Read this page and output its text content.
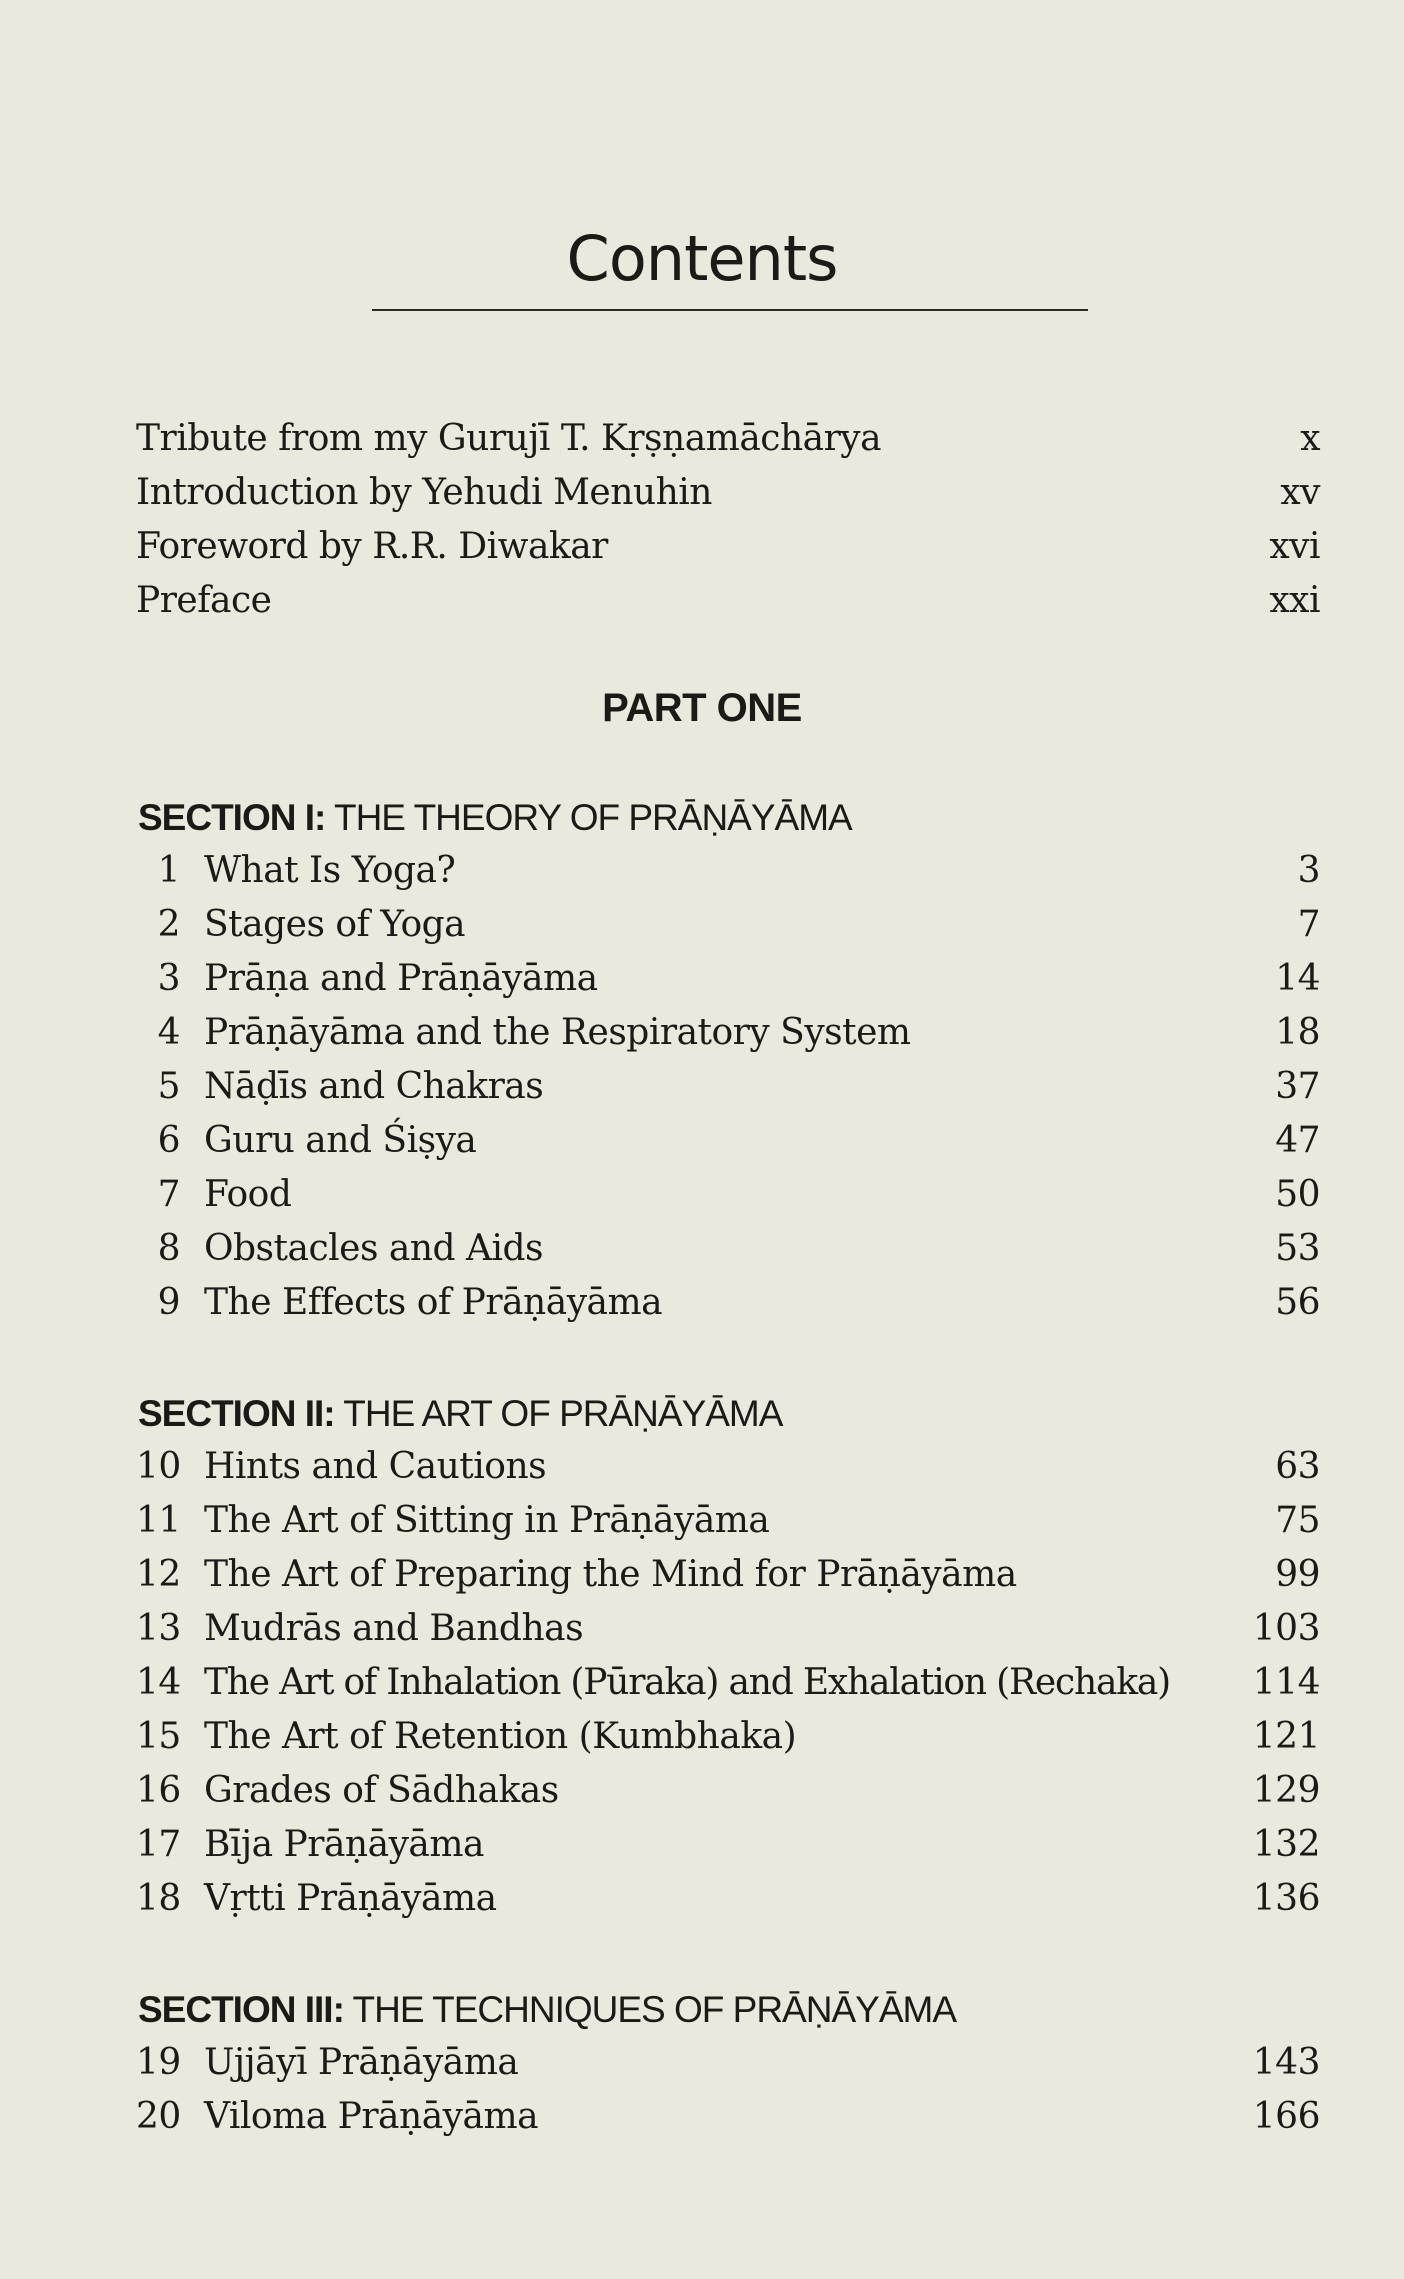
Contents
Tribute from my Gurujī T. Kṛṣṇamāchārya	x
Introduction by Yehudi Menuhin	xv
Foreword by R.R. Diwakar	xvi
Preface	xxi
PART ONE
SECTION I: THE THEORY OF PRĀṆĀYĀMA
1 What Is Yoga?	3
2 Stages of Yoga	7
3 Prāṇa and Prāṇāyāma	14
4 Prāṇāyāma and the Respiratory System	18
5 Nāḍīs and Chakras	37
6 Guru and Śiṣya	47
7 Food	50
8 Obstacles and Aids	53
9 The Effects of Prāṇāyāma	56
SECTION II: THE ART OF PRĀṆĀYĀMA
10 Hints and Cautions	63
11 The Art of Sitting in Prāṇāyāma	75
12 The Art of Preparing the Mind for Prāṇāyāma	99
13 Mudrās and Bandhas	103
14 The Art of Inhalation (Pūraka) and Exhalation (Rechaka) 114
15 The Art of Retention (Kumbhaka)	121
16 Grades of Sādhakas	129
17 Bīja Prāṇāyāma	132
18 Vṛtti Prāṇāyāma	136
SECTION III: THE TECHNIQUES OF PRĀṆĀYĀMA
19 Ujjāyī Prāṇāyāma	143
20 Viloma Prāṇāyāma	166
